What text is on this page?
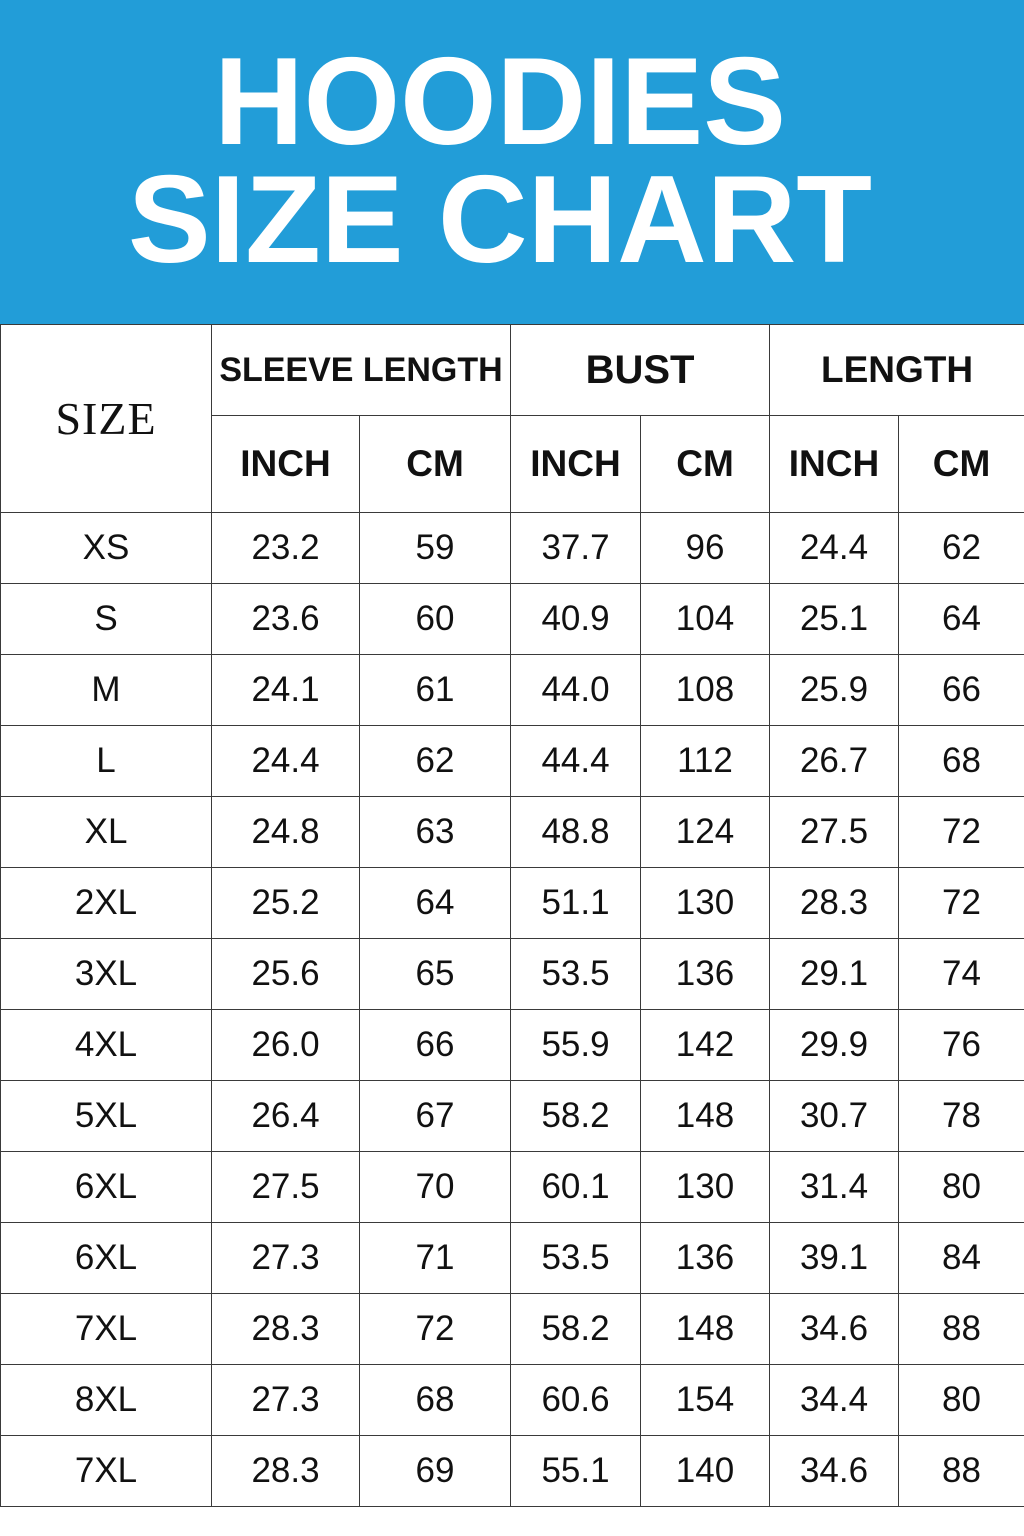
HOODIES
SIZE CHART
SIZE	SLEEVE LENGTH		BUST		LENGTH	
	INCH	CM	INCH	CM	INCH	CM
XS	23.2	59	37.7	96	24.4	62
S	23.6	60	40.9	104	25.1	64
M	24.1	61	44.0	108	25.9	66
L	24.4	62	44.4	112	26.7	68
XL	24.8	63	48.8	124	27.5	72
2XL	25.2	64	51.1	130	28.3	72
3XL	25.6	65	53.5	136	29.1	74
4XL	26.0	66	55.9	142	29.9	76
5XL	26.4	67	58.2	148	30.7	78
6XL	27.5	70	60.1	130	31.4	80
6XL	27.3	71	53.5	136	39.1	84
7XL	28.3	72	58.2	148	34.6	88
8XL	27.3	68	60.6	154	34.4	80
7XL	28.3	69	55.1	140	34.6	88
